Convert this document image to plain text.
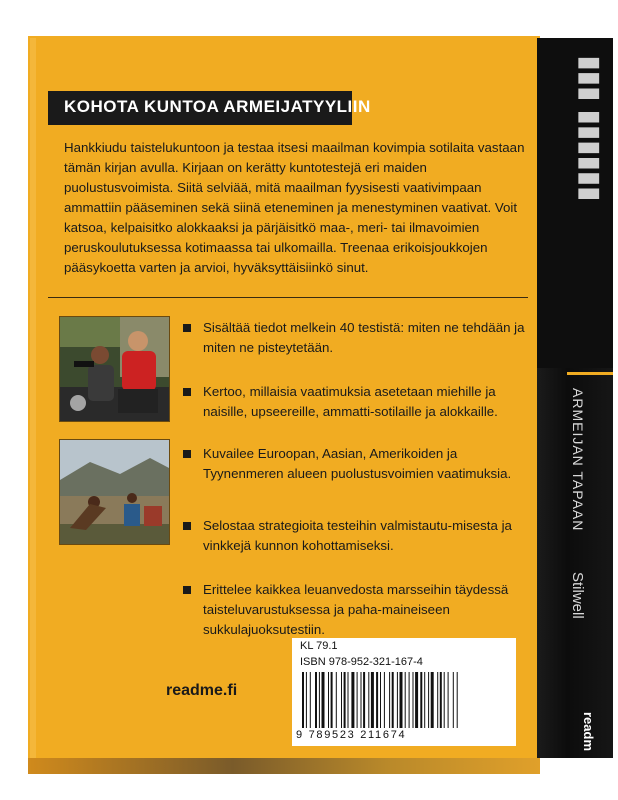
▮▮▮ ▮▮▮▮▮▮
ARMEIJAN TAPAAN
Stilwell
readm
KOHOTA KUNTOA ARMEIJATYYLIIN

Hankkiudu taistelukuntoon ja testaa itsesi maailman kovimpia sotilaita vastaan tämän kirjan avulla. Kirjaan on kerätty kuntotestejä eri maiden puolustusvoimista. Siitä selviää, mitä maailman fyysisesti vaativimpaan ammattiin pääseminen sekä siinä eteneminen ja menestyminen vaativat. Voit katsoa, kelpaisitko alokkaaksi ja pärjäisitkö maa-, meri- tai ilmavoimien peruskoulutuksessa kotimaassa tai ulkomailla. Treenaa erikoisjoukkojen pääsykoetta varten ja arvioi, hyväksyttäisiinkö sinut.

Sisältää tiedot melkein 40 testistä: miten ne tehdään ja miten ne pisteytetään.
Kertoo, millaisia vaatimuksia asetetaan miehille ja naisille, upseereille, ammatti-sotilaille ja alokkaille.
Kuvailee Euroopan, Aasian, Amerikoiden ja Tyynenmeren alueen puolustusvoimien vaatimuksia.
Selostaa strategioita testeihin valmistautu-misesta ja vinkkejä kunnon kohottamiseksi.
Erittelee kaikkea leuanvedosta marsseihin täydessä taisteluvarustuksessa ja paha-maineiseen sukkulajuoksutestiin.
readme.fi
KL 79.1
ISBN 978-952-321-167-4
9 789523 211674
